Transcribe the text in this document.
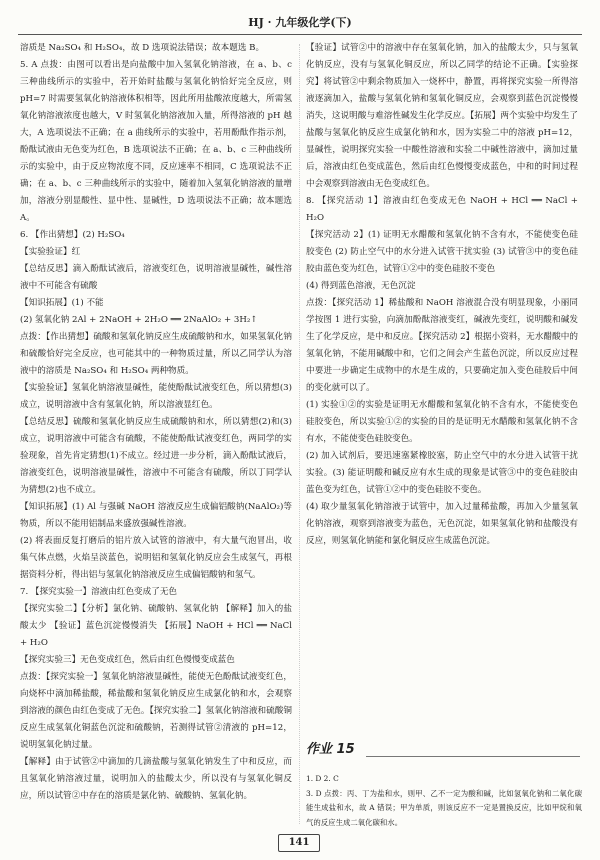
HJ · 九年级化学(下)

溶质是 Na₂SO₄ 和 H₂SO₄，故 D 选项说法错误；故本题选 B。

5. A 点拨：由图可以看出是向盐酸中加入氢氧化钠溶液，在 a、b、c 三种曲线所示的实验中，若开始时盐酸与氢氧化钠恰好完全反应，则 pH=7 时需要氢氧化钠溶液体积相等，因此所用盐酸浓度越大，所需氢氧化钠溶液浓度也越大，V 时氢氧化钠溶液加入量，所得溶液的 pH 越大，A 选项说法不正确；在 a 曲线所示的实验中，若用酚酞作指示剂，酚酞试液由无色变为红色，B 选项说法不正确；在 a、b、c 三种曲线所示的实验中，由于反应物浓度不同，反应速率不相同，C 选项说法不正确；在 a、b、c 三种曲线所示的实验中，随着加入氢氧化钠溶液的量增加，溶液分别显酸性、显中性、显碱性，D 选项说法不正确；故本题选 A。

6. 【作出猜想】(2) H₂SO₄

【实验验证】红

【总结反思】滴入酚酞试液后，溶液变红色，说明溶液显碱性，碱性溶液中不可能含有硫酸

【知识拓展】(1) 不能

(2) 氢氧化钠 2Al + 2NaOH + 2H₂O ══ 2NaAlO₂ + 3H₂↑

点拨：【作出猜想】硫酸和氢氧化钠反应生成硫酸钠和水，如果氢氧化钠和硫酸恰好完全反应，也可能其中的一种物质过量，所以乙同学认为溶液中的溶质是 Na₂SO₄ 和 H₂SO₄ 两种物质。

【实验验证】氢氧化钠溶液显碱性，能使酚酞试液变红色，所以猜想(3)成立，说明溶液中含有氢氧化钠，所以溶液显红色。

【总结反思】硫酸和氢氧化钠反应生成硫酸钠和水，所以猜想(2)和(3)成立，说明溶液中可能含有硫酸，不能使酚酞试液变红色，两同学的实验现象，首先肯定猜想(1)不成立。经过进一步分析，滴入酚酞试液后，溶液变红色，说明溶液显碱性，溶液中不可能含有硫酸，所以丁同学认为猜想(2)也不成立。

【知识拓展】(1) Al 与强碱 NaOH 溶液反应生成偏铝酸钠(NaAlO₂)等物质，所以不能用铝制品来盛放强碱性溶液。

(2) 将表面反复打磨后的铝片放入试管的溶液中，有大量气泡冒出，收集气体点燃，火焰呈淡蓝色，说明铝和氢氧化钠反应会生成氢气，再根据资料分析，得出铝与氢氧化钠溶液反应生成偏铝酸钠和氢气。

7. 【探究实验一】溶液由红色变成了无色

【探究实验二】【分析】氯化钠、硫酸钠、氢氧化钠 【解释】加入的盐酸太少 【验证】蓝色沉淀慢慢消失 【拓展】NaOH + HCl ══ NaCl + H₂O

【探究实验三】无色变成红色，然后由红色慢慢变成蓝色

点拨：【探究实验一】氢氧化钠溶液显碱性，能使无色酚酞试液变红色，向烧杯中滴加稀盐酸，稀盐酸和氢氧化钠反应生成氯化钠和水，会观察到溶液的颜色由红色变成了无色。【探究实验二】氢氧化钠溶液和硫酸铜反应生成氢氧化铜蓝色沉淀和硫酸钠，若测得试管②清液的 pH=12，说明氢氧化钠过量。

【解释】由于试管②中滴加的几滴盐酸与氢氧化钠发生了中和反应，而且氢氧化钠溶液过量，说明加入的盐酸太少，所以没有与氢氧化铜反应，所以试管②中存在的溶质是氯化钠、硫酸钠、氢氧化钠。

【验证】试管②中的溶液中存在氢氧化钠，加入的盐酸太少，只与氢氧化钠反应，没有与氢氧化铜反应，所以乙同学的结论不正确。【实验探究】将试管②中剩余物质加入一烧杯中，静置，再将探究实验一所得溶液逐滴加入，盐酸与氢氧化钠和氢氧化铜反应，会观察到蓝色沉淀慢慢消失，这说明酸与难溶性碱发生化学反应。【拓展】两个实验中均发生了盐酸与氢氧化钠反应生成氯化钠和水，因为实验二中的溶液 pH=12，显碱性，说明探究实验一中酸性溶液和实验二中碱性溶液中，滴加过量后，溶液由红色变成蓝色，然后由红色慢慢变成蓝色，中和的时间过程中会观察到溶液由无色变成红色。

8. 【探究活动 1】溶液由红色变成无色 NaOH + HCl ══ NaCl + H₂O

【探究活动 2】(1) 证明无水醋酸和氢氧化钠不含有水，不能使变色硅胶变色 (2) 防止空气中的水分进入试管干扰实验 (3) 试管③中的变色硅胶由蓝色变为红色，试管①②中的变色硅胶不变色

(4) 得到蓝色溶液，无色沉淀

点拨：【探究活动 1】稀盐酸和 NaOH 溶液混合没有明显现象，小丽同学按图 1 进行实验，向滴加酚酞溶液变红，碱液先变红，说明酸和碱发生了化学反应，是中和反应。【探究活动 2】根据小资料，无水醋酸中的氢氧化钠，不能用碱酸中和，它们之间会产生蓝色沉淀，所以反应过程中要进一步确定生成物中的水是生成的，只要确定加入变色硅胶后中间的变化就可以了。

(1) 实验①②的实验是证明无水醋酸和氢氧化钠不含有水，不能使变色硅胶变色，所以实验①②的实验的目的是证明无水醋酸和氢氧化钠不含有水，不能使变色硅胶变色。

(2) 加入试剂后，要迅速塞紧橡胶塞，防止空气中的水分进入试管干扰实验。(3) 能证明酸和碱反应有水生成的现象是试管③中的变色硅胶由蓝色变为红色，试管①②中的变色硅胶不变色。

(4) 取少量氢氧化钠溶液于试管中，加入过量稀盐酸，再加入少量氢氧化钠溶液，观察到溶液变为蓝色，无色沉淀，如果氢氧化钠和盐酸没有反应，则氢氧化钠能和氯化铜反应生成蓝色沉淀。

作业 15

1. D 2. C

3. D 点拨：丙、丁为盐和水，则甲、乙不一定为酸和碱，比如氢氧化钠和二氧化碳能生成盐和水，故 A 错误；甲为单质，则该反应不一定是置换反应，比如甲烷和氧气的反应生成二氧化碳和水。

141
